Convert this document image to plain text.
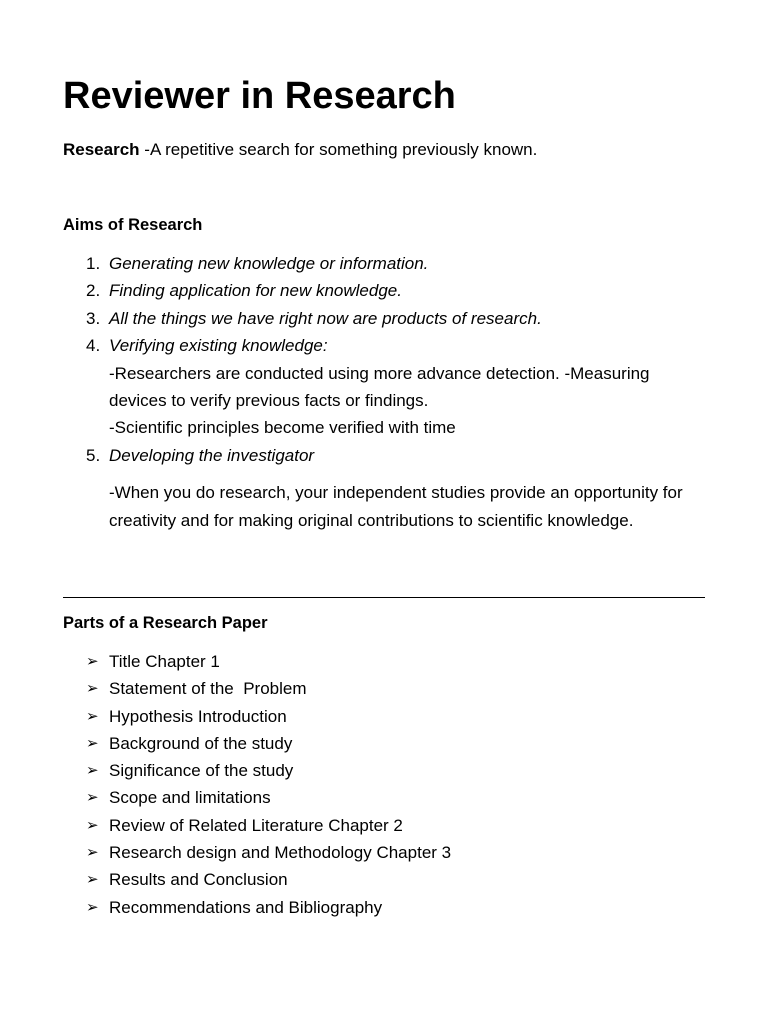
Reviewer in Research

Research -A repetitive search for something previously known.

Aims of Research
1. Generating new knowledge or information.
2. Finding application for new knowledge.
3. All the things we have right now are products of research.
4. Verifying existing knowledge:
-Researchers are conducted using more advance detection. -Measuring devices to verify previous facts or findings.
-Scientific principles become verified with time
5. Developing the investigator
-When you do research, your independent studies provide an opportunity for creativity and for making original contributions to scientific knowledge.
Parts of a Research Paper
➢ Title Chapter 1
➢ Statement of the  Problem
➢ Hypothesis Introduction
➢ Background of the study
➢ Significance of the study
➢ Scope and limitations
➢ Review of Related Literature Chapter 2
➢ Research design and Methodology Chapter 3
➢ Results and Conclusion
➢ Recommendations and Bibliography
